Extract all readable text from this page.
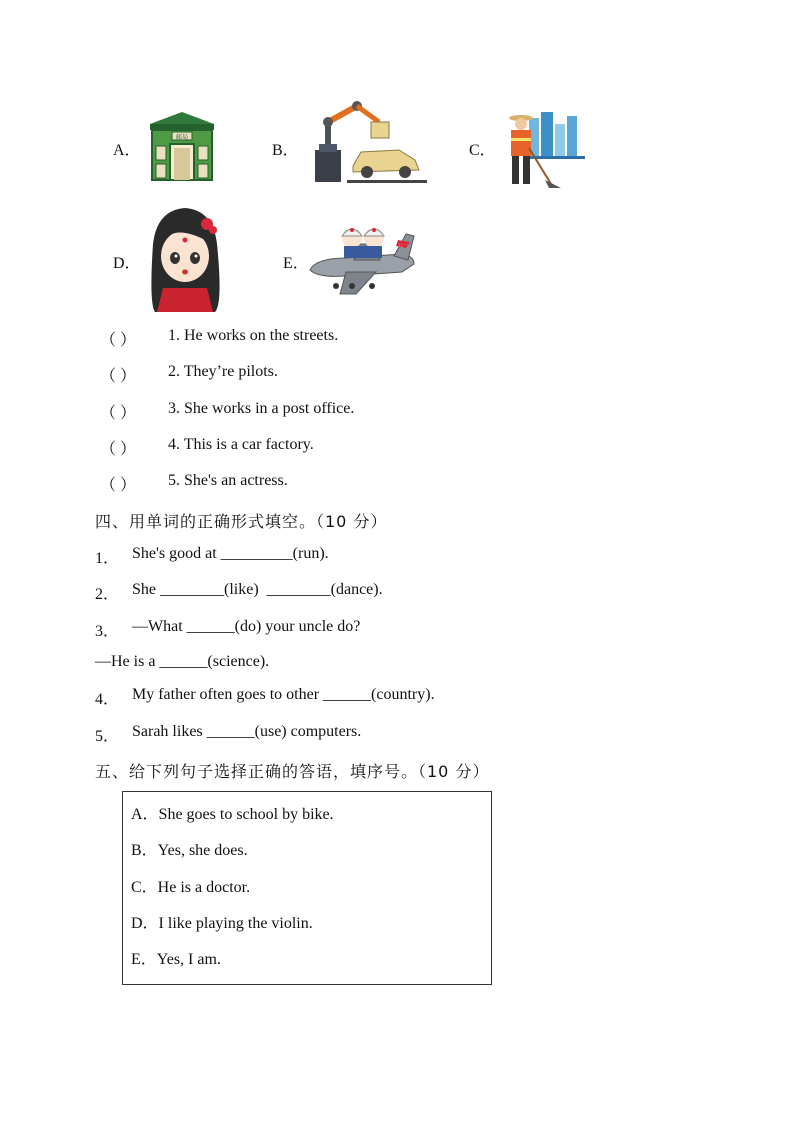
A．
邮局
B．	C．
D．	E．
八一
（ ） 1. He works on the streets.
（ ） 2. They’re pilots.
（ ） 3. She works in a post office.
（ ） 4. This is a car factory.
（ ） 5. She's an actress.
四、用单词的正确形式填空。（10 分）
1． She's good at _________(run).
2． She ________(like)  ________(dance).
3． —What ______(do) your uncle do?
—He is a ______(science).
4． My father often goes to other ______(country).
5． Sarah likes ______(use) computers.
五、给下列句子选择正确的答语，填序号。（10 分）
A．She goes to school by bike.
B．Yes, she does.
C．He is a doctor.
D．I like playing the violin.
E．Yes, I am.
